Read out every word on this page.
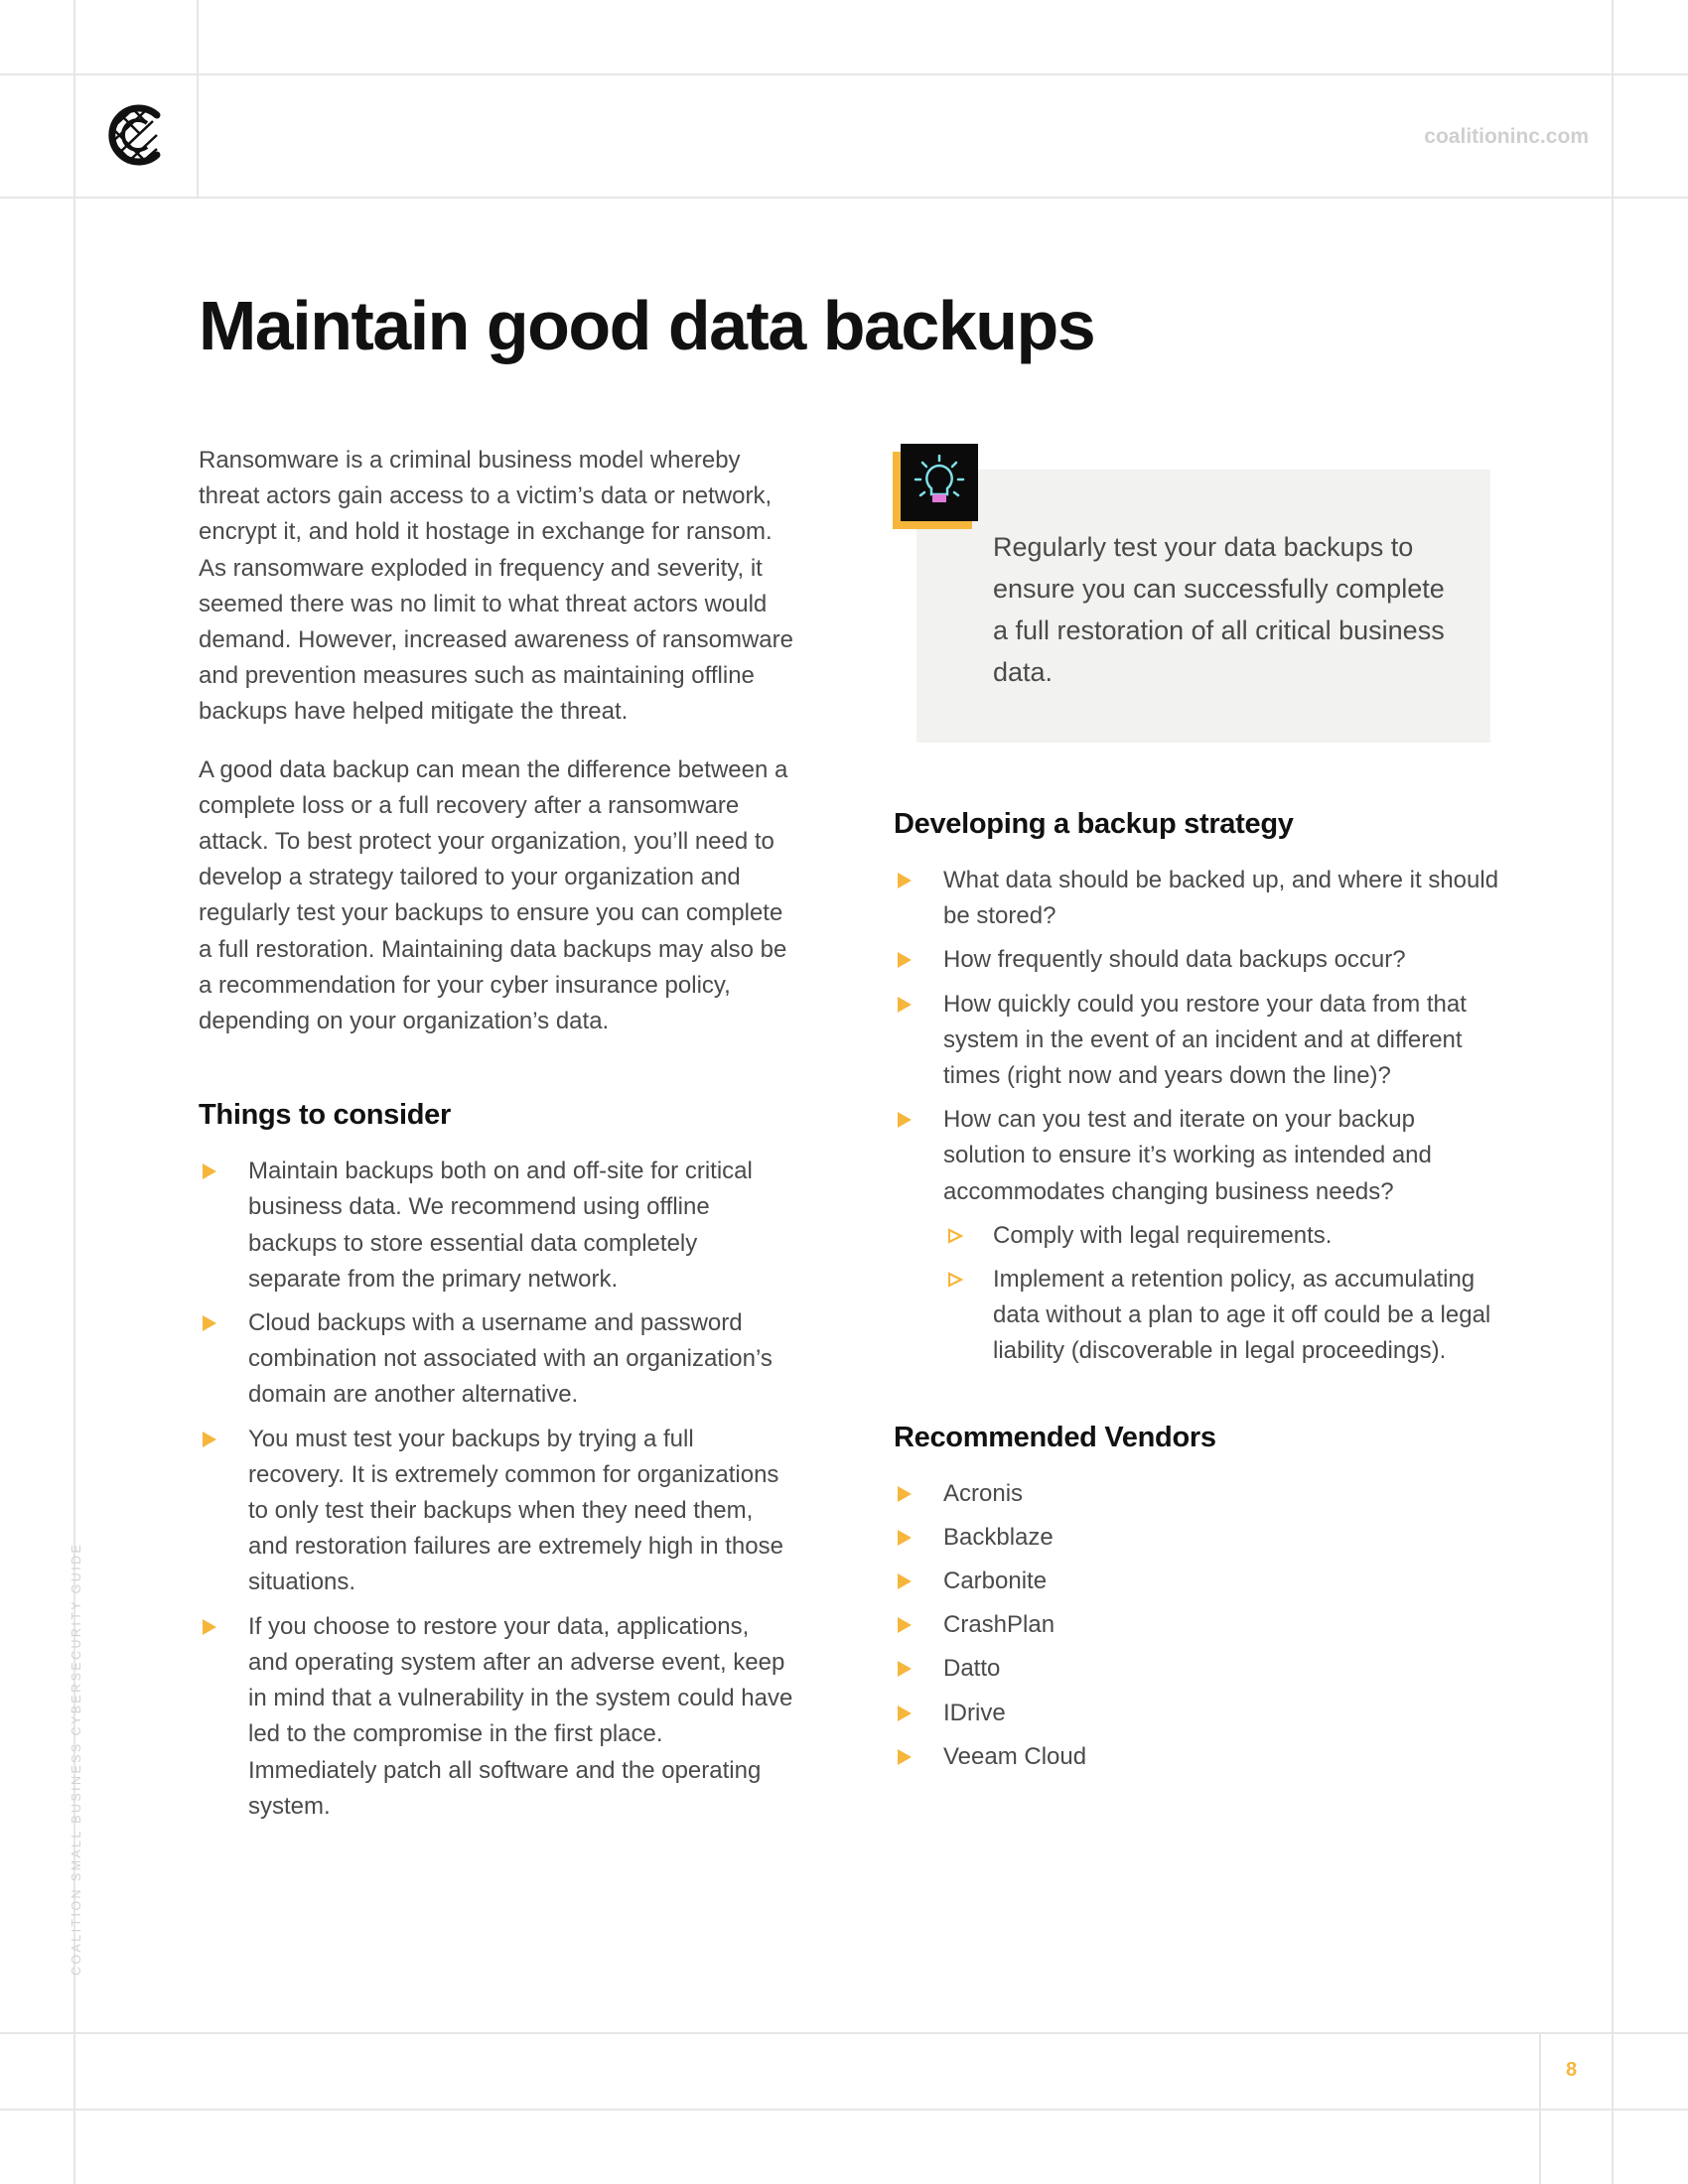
coalitioninc.com
Maintain good data backups

Ransomware is a criminal business model whereby threat actors gain access to a victim’s data or network, encrypt it, and hold it hostage in exchange for ransom. As ransomware exploded in frequency and severity, it seemed there was no limit to what threat actors would demand. However, increased awareness of ransomware and prevention measures such as maintaining offline backups have helped mitigate the threat.

A good data backup can mean the difference between a complete loss or a full recovery after a ransomware attack. To best protect your organization, you’ll need to develop a strategy tailored to your organization and regularly test your backups to ensure you can complete a full restoration. Maintaining data backups may also be a recommendation for your cyber insurance policy, depending on your organization’s data.

Things to consider
Maintain backups both on and off-site for critical business data. We recommend using offline backups to store essential data completely separate from the primary network.
Cloud backups with a username and password combination not associated with an organization’s domain are another alternative.
You must test your backups by trying a full recovery. It is extremely common for organizations to only test their backups when they need them, and restoration failures are extremely high in those situations.
If you choose to restore your data, applications, and operating system after an adverse event, keep in mind that a vulnerability in the system could have led to the compromise in the first place. Immediately patch all software and the operating system.
Regularly test your data backups to ensure you can successfully complete a full restoration of all critical business data.
Developing a backup strategy
What data should be backed up, and where it should be stored?
How frequently should data backups occur?
How quickly could you restore your data from that system in the event of an incident and at different times (right now and years down the line)?
How can you test and iterate on your backup solution to ensure it’s working as intended and accommodates changing business needs?
Comply with legal requirements.
Implement a retention policy, as accumulating data without a plan to age it off could be a legal liability (discoverable in legal proceedings).
Recommended Vendors
Acronis
Backblaze
Carbonite
CrashPlan
Datto
IDrive
Veeam Cloud
COALITION SMALL BUSINESS CYBERSECURITY GUIDE
8
